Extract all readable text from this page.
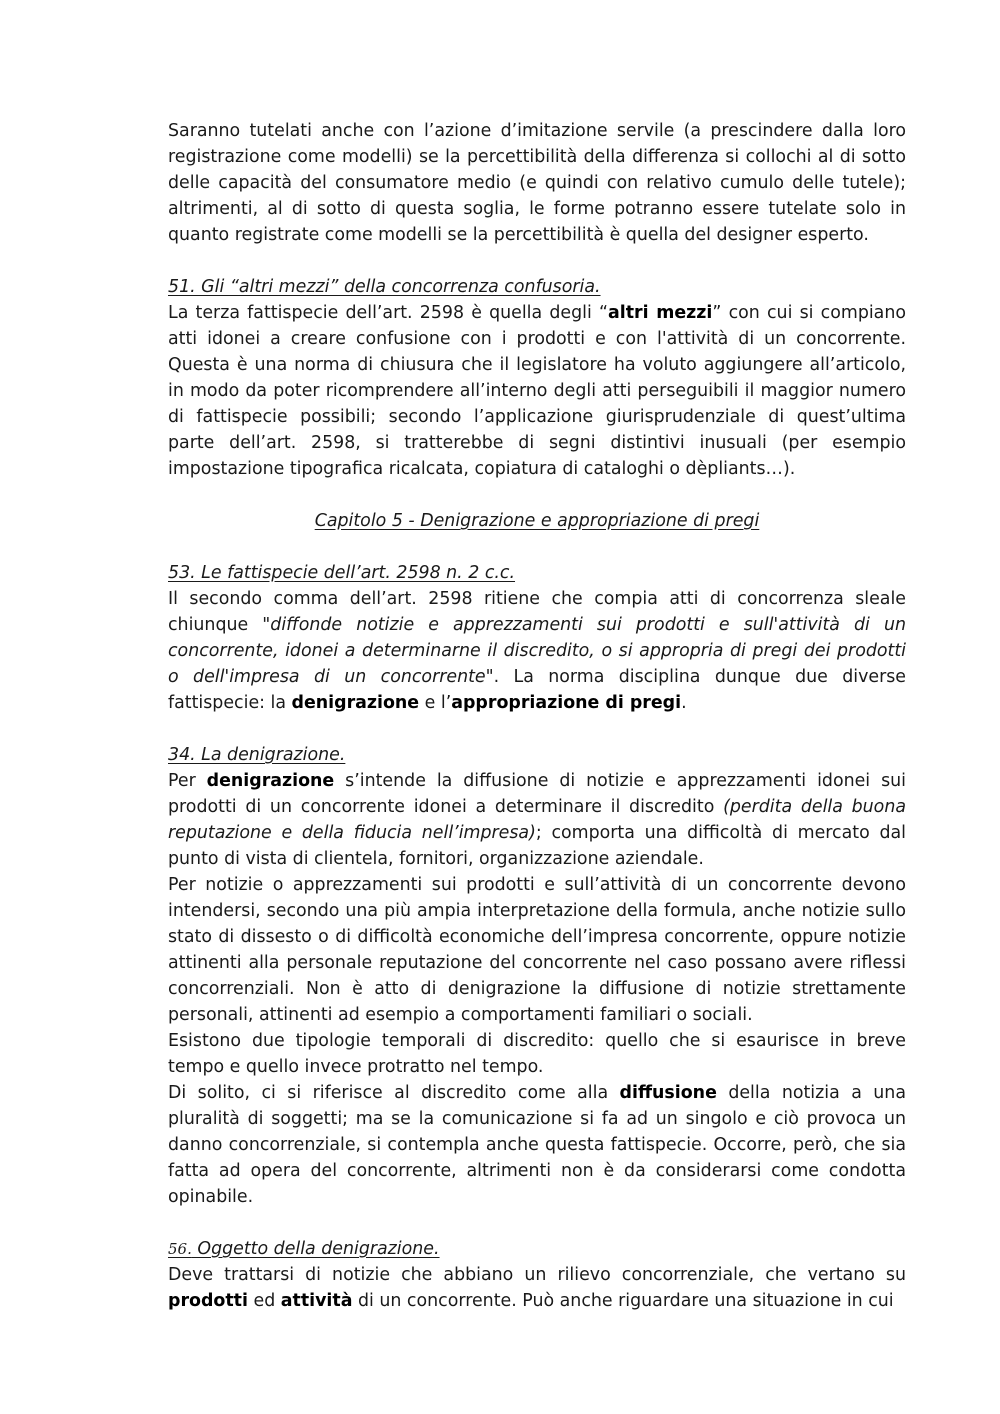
Saranno tutelati anche con l’azione d’imitazione servile (a prescindere dalla loro registrazione come modelli) se la percettibilità della differenza si collochi al di sotto delle capacità del consumatore medio (e quindi con relativo cumulo delle tutele); altrimenti, al di sotto di questa soglia, le forme potranno essere tutelate solo in quanto registrate come modelli se la percettibilità è quella del designer esperto.

51. Gli “altri mezzi” della concorrenza confusoria.

La terza fattispecie dell’art. 2598 è quella degli “altri mezzi” con cui si compiano atti idonei a creare confusione con i prodotti e con l'attività di un concorrente. Questa è una norma di chiusura che il legislatore ha voluto aggiungere all’articolo, in modo da poter ricomprendere all’interno degli atti perseguibili il maggior numero di fattispecie possibili; secondo l’applicazione giurisprudenziale di quest’ultima parte dell’art. 2598, si tratterebbe di segni distintivi inusuali (per esempio impostazione tipografica ricalcata, copiatura di cataloghi o dèpliants…).

Capitolo 5 - Denigrazione e appropriazione di pregi

53. Le fattispecie dell’art. 2598 n. 2 c.c.

Il secondo comma dell’art. 2598 ritiene che compia atti di concorrenza sleale chiunque "diffonde notizie e apprezzamenti sui prodotti e sull'attività di un concorrente, idonei a determinarne il discredito, o si appropria di pregi dei prodotti o dell'impresa di un concorrente". La norma disciplina dunque due diverse fattispecie: la denigrazione e l’appropriazione di pregi.

34. La denigrazione.

Per denigrazione s’intende la diffusione di notizie e apprezzamenti idonei sui prodotti di un concorrente idonei a determinare il discredito (perdita della buona reputazione e della fiducia nell’impresa); comporta una difficoltà di mercato dal punto di vista di clientela, fornitori, organizzazione aziendale.

Per notizie o apprezzamenti sui prodotti e sull’attività di un concorrente devono intendersi, secondo una più ampia interpretazione della formula, anche notizie sullo stato di dissesto o di difficoltà economiche dell’impresa concorrente, oppure notizie attinenti alla personale reputazione del concorrente nel caso possano avere riflessi concorrenziali. Non è atto di denigrazione la diffusione di notizie strettamente personali, attinenti ad esempio a comportamenti familiari o sociali.

Esistono due tipologie temporali di discredito: quello che si esaurisce in breve tempo e quello invece protratto nel tempo.

Di solito, ci si riferisce al discredito come alla diffusione della notizia a una pluralità di soggetti; ma se la comunicazione si fa ad un singolo e ciò provoca un danno concorrenziale, si contempla anche questa fattispecie. Occorre, però, che sia fatta ad opera del concorrente, altrimenti non è da considerarsi come condotta opinabile.

56. Oggetto della denigrazione.

Deve trattarsi di notizie che abbiano un rilievo concorrenziale, che vertano su prodotti ed attività di un concorrente. Può anche riguardare una situazione in cui
